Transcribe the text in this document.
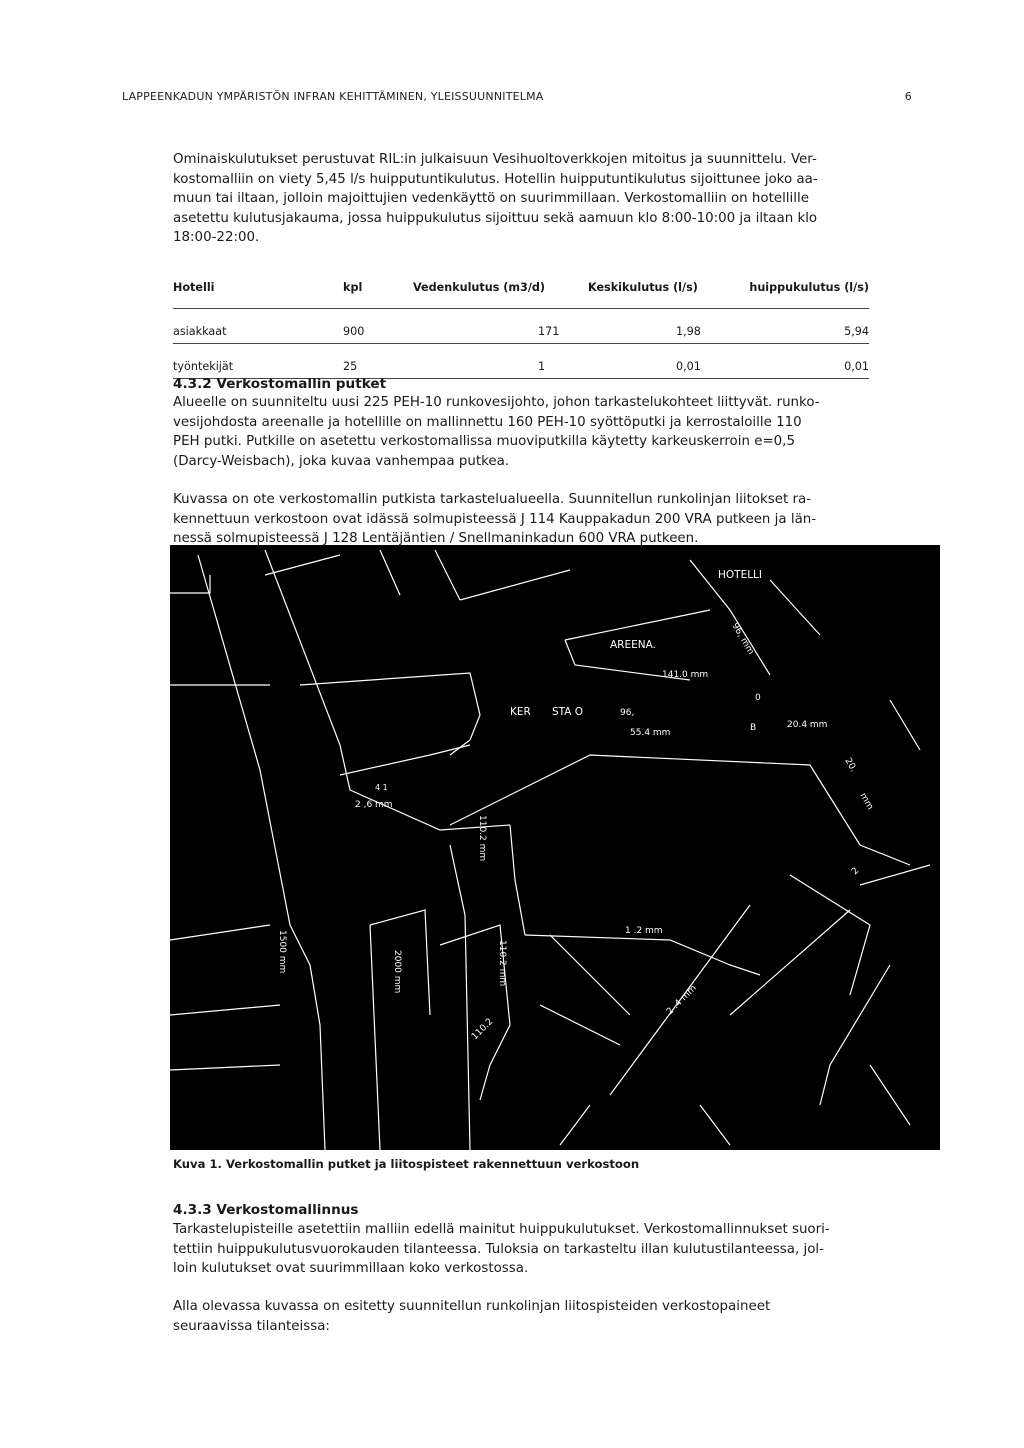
LAPPEENKADUN YMPÄRISTÖN INFRAN KEHITTÄMINEN, YLEISSUUNNITELMA	6
Ominaiskulutukset perustuvat RIL:in julkaisuun Vesihuoltoverkkojen mitoitus ja suunnittelu. Ver-
kostomalliin on viety 5,45 l/s huipputuntikulutus. Hotellin huipputuntikulutus sijoittunee joko aa-
muun tai iltaan, jolloin majoittujien vedenkäyttö on suurimmillaan. Verkostomalliin on hotellille
asetettu kulutusjakauma, jossa huippukulutus sijoittuu sekä aamuun klo 8:00-10:00 ja iltaan klo
18:00-22:00.
Hotelli	kpl	Vedenkulutus (m3/d)	Keskikulutus (l/s)	huippukulutus (l/s)
asiakkaat	900	171	1,98	5,94
työntekijät	25	1	0,01	0,01
4.3.2 Verkostomallin putket
Alueelle on suunniteltu uusi 225 PEH-10 runkovesijohto, johon tarkastelukohteet liittyvät. runko-
vesijohdosta areenalle ja hotellille on mallinnettu 160 PEH-10 syöttöputki ja kerrostaloille 110
PEH putki. Putkille on asetettu verkostomallissa muoviputkilla käytetty karkeuskerroin e=0,5
(Darcy-Weisbach), joka kuvaa vanhempaa putkea.
Kuvassa on ote verkostomallin putkista tarkastelualueella. Suunnitellun runkolinjan liitokset ra-
kennettuun verkostoon ovat idässä solmupisteessä J 114 Kauppakadun 200 VRA putkeen ja län-
nessä solmupisteessä J 128 Lentäjäntien / Snellmaninkadun 600 VRA putkeen.
HOTELLI
AREENA.
KER STA O
141.0 mm
96,
55.4 mm
96, mm
20.4 mm
20.
mm
B
0
2 ,6 mm
4 1
110.2 mm
1 .2 mm
1500 mm	2000 mm	110.2 mm
110.2
2 .4 mm
2
Kuva 1. Verkostomallin putket ja liitospisteet rakennettuun verkostoon
4.3.3 Verkostomallinnus
Tarkastelupisteille asetettiin malliin edellä mainitut huippukulutukset. Verkostomallinnukset suori-
tettiin huippukulutusvuorokauden tilanteessa. Tuloksia on tarkasteltu illan kulutustilanteessa, jol-
loin kulutukset ovat suurimmillaan koko verkostossa.
Alla olevassa kuvassa on esitetty suunnitellun runkolinjan liitospisteiden verkostopaineet
seuraavissa tilanteissa:
